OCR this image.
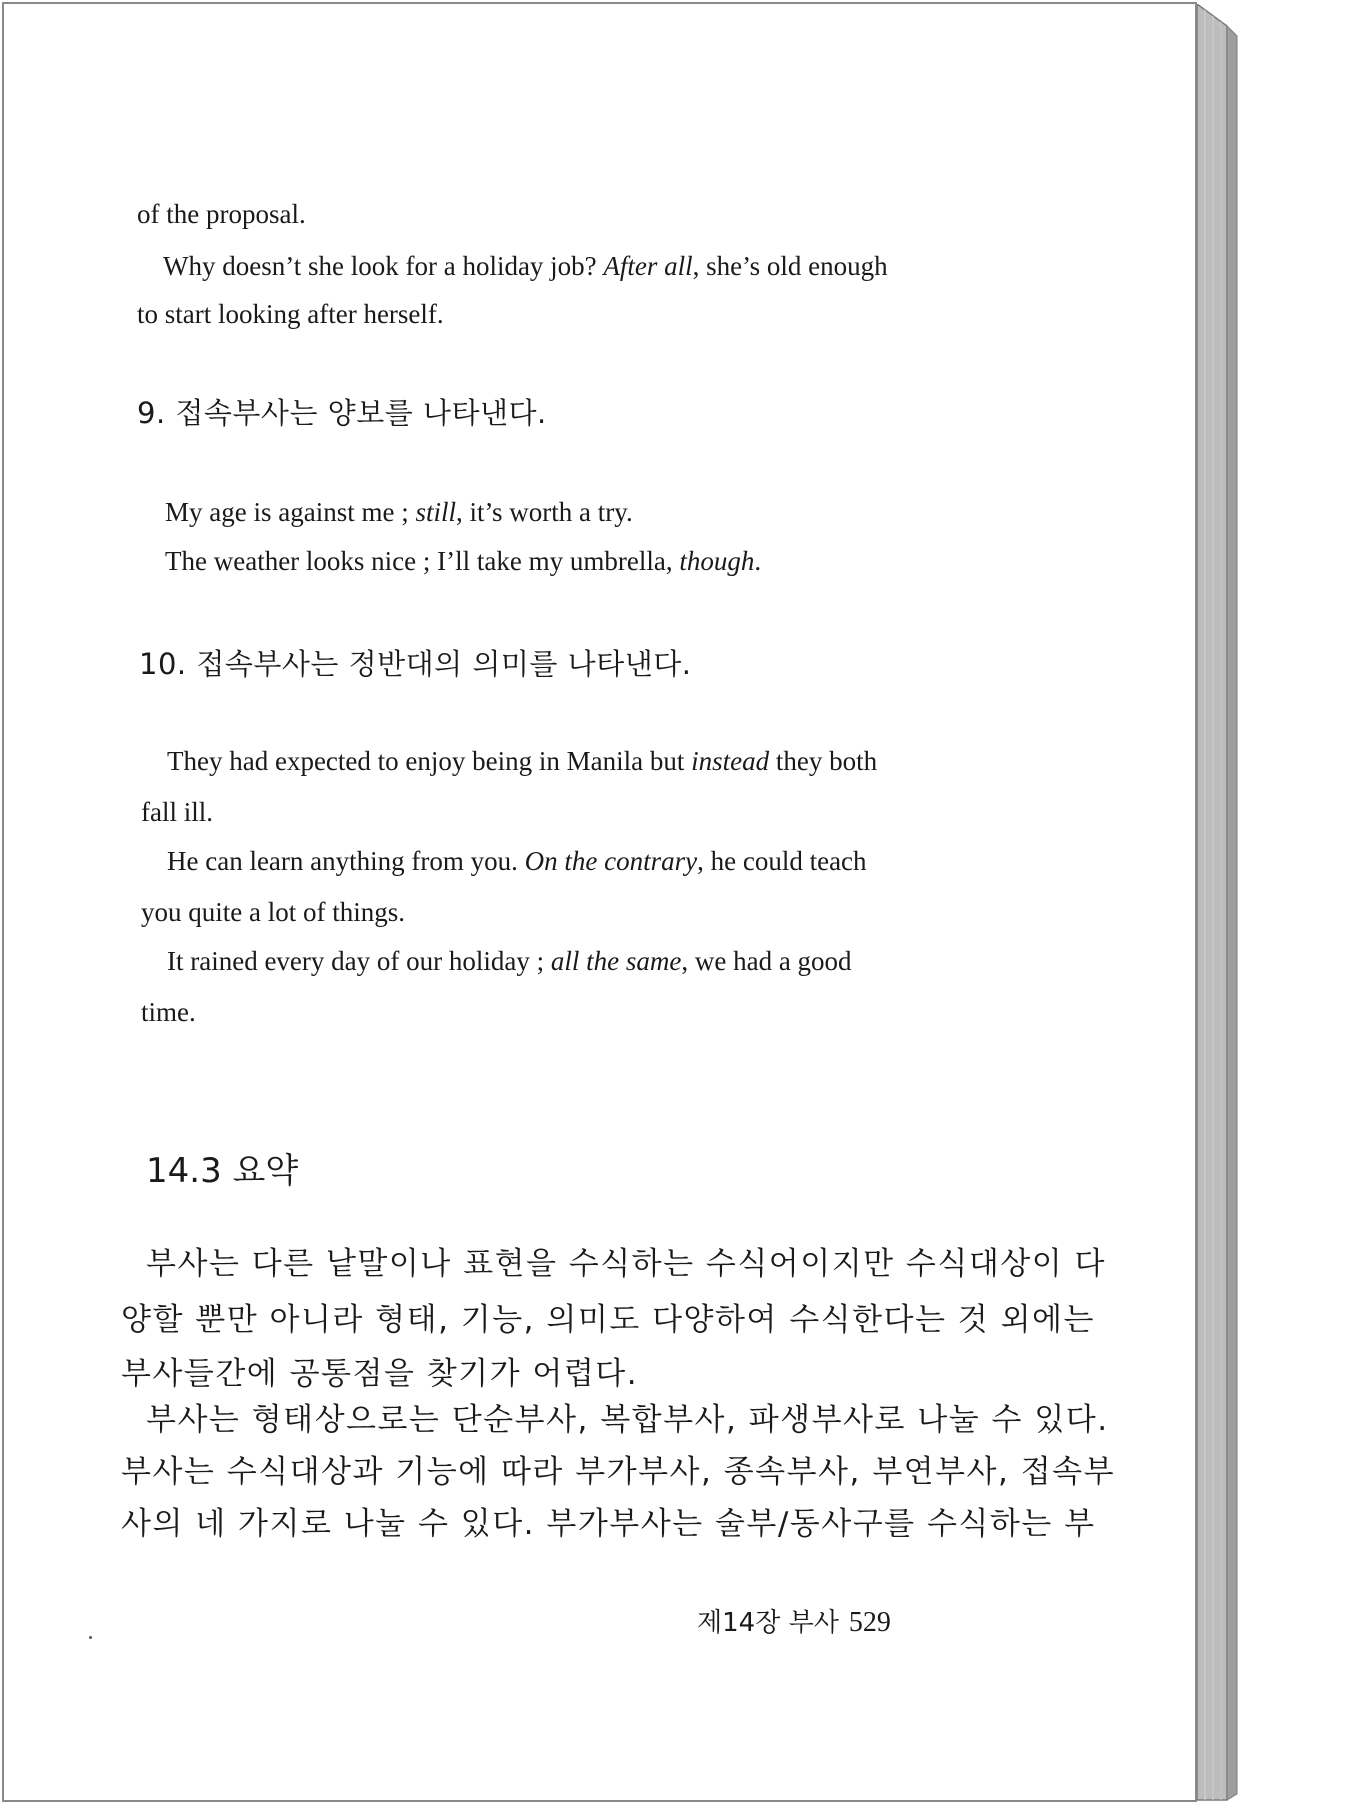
of the proposal.
Why doesn’t she look for a holiday job? After all, she’s old enough
to start looking after herself.
9. 접속부사는 양보를 나타낸다.
My age is against me ; still, it’s worth a try.
The weather looks nice ; I’ll take my umbrella, though.
10. 접속부사는 정반대의 의미를 나타낸다.
They had expected to enjoy being in Manila but instead they both
fall ill.
He can learn anything from you. On the contrary, he could teach
you quite a lot of things.
It rained every day of our holiday ; all the same, we had a good
time.
14.3 요약
부사는 다른 낱말이나 표현을 수식하는 수식어이지만 수식대상이 다
양할 뿐만 아니라 형태, 기능, 의미도 다양하여 수식한다는 것 외에는
부사들간에 공통점을 찾기가 어렵다.
부사는 형태상으로는 단순부사, 복합부사, 파생부사로 나눌 수 있다.
부사는 수식대상과 기능에 따라 부가부사, 종속부사, 부연부사, 접속부
사의 네 가지로 나눌 수 있다. 부가부사는 술부/동사구를 수식하는 부
제14장 부사 529
